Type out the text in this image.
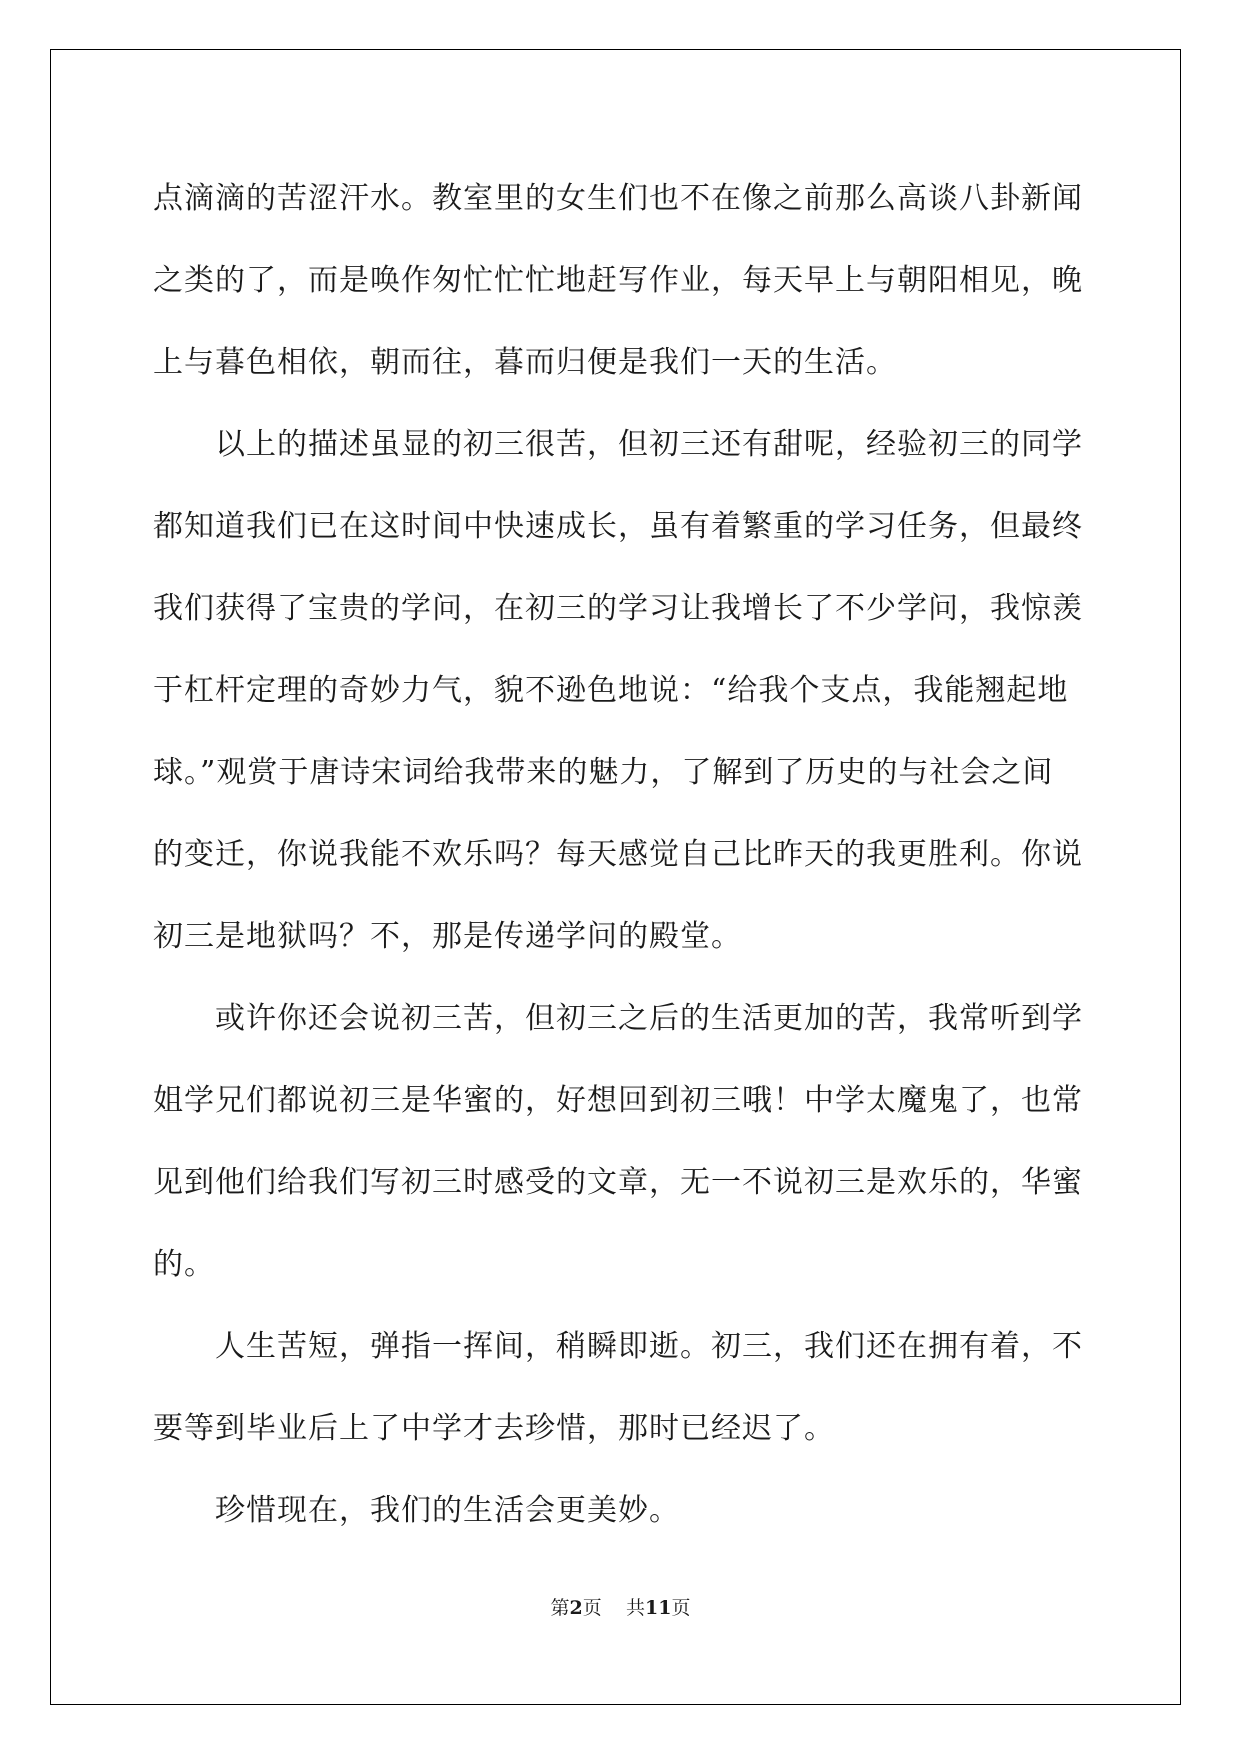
点滴滴的苦涩汗水。教室里的女生们也不在像之前那么高谈八卦新闻
之类的了，而是唤作匆忙忙忙地赶写作业，每天早上与朝阳相见，晚
上与暮色相依，朝而往，暮而归便是我们一天的生活。
　　以上的描述虽显的初三很苦，但初三还有甜呢，经验初三的同学
都知道我们已在这时间中快速成长，虽有着繁重的学习任务，但最终
我们获得了宝贵的学问，在初三的学习让我增长了不少学问，我惊羡
于杠杆定理的奇妙力气，貌不逊色地说：“给我个支点，我能翘起地
球。”观赏于唐诗宋词给我带来的魅力，了解到了历史的与社会之间
的变迁，你说我能不欢乐吗？每天感觉自己比昨天的我更胜利。你说
初三是地狱吗？不，那是传递学问的殿堂。
　　或许你还会说初三苦，但初三之后的生活更加的苦，我常听到学
姐学兄们都说初三是华蜜的，好想回到初三哦！中学太魔鬼了，也常
见到他们给我们写初三时感受的文章，无一不说初三是欢乐的，华蜜
的。
　　人生苦短，弹指一挥间，稍瞬即逝。初三，我们还在拥有着，不
要等到毕业后上了中学才去珍惜，那时已经迟了。
　　珍惜现在，我们的生活会更美妙。
第2页 共11页
